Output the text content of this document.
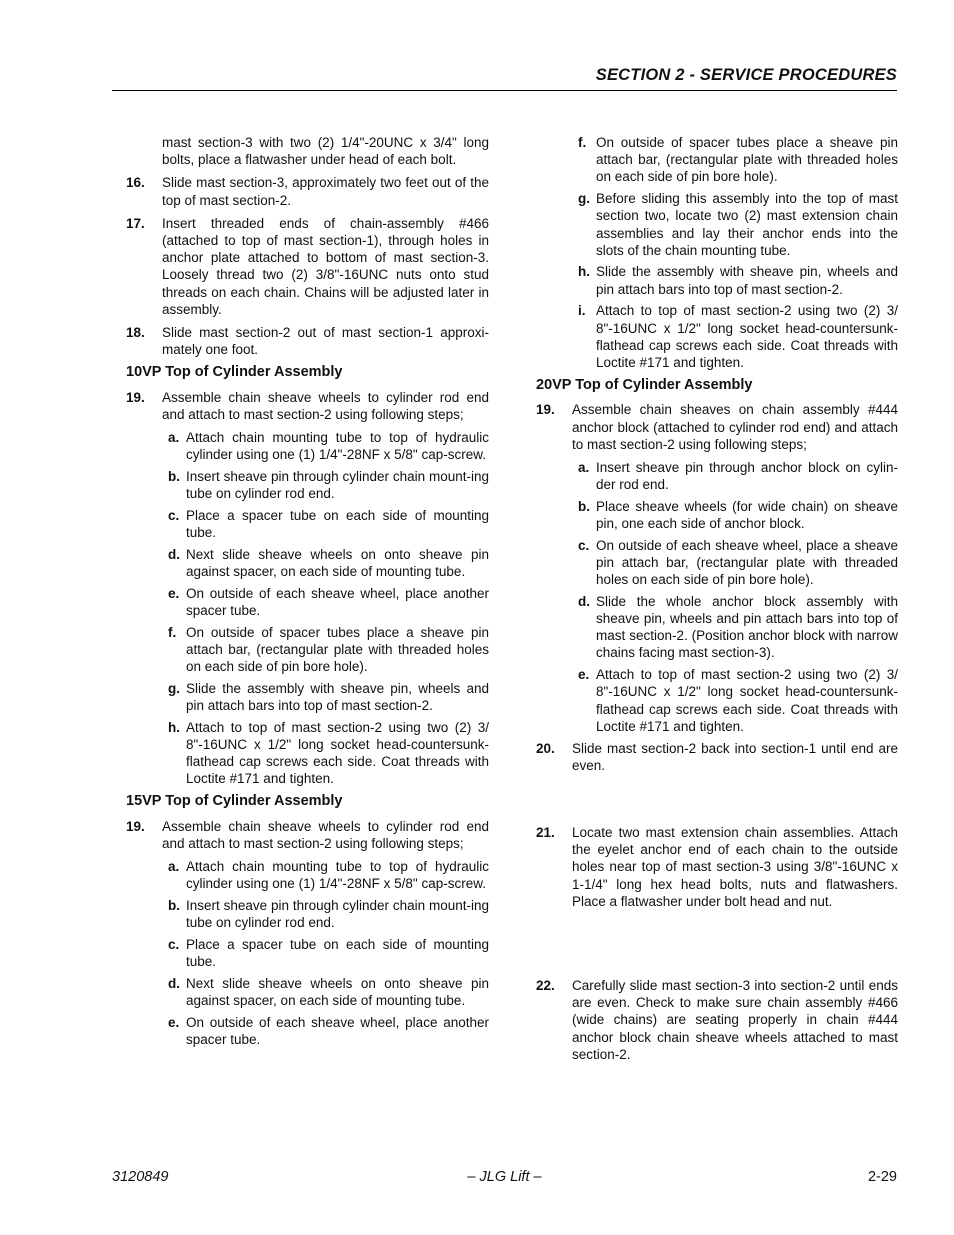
SECTION 2 - SERVICE PROCEDURES

mast section-3 with two (2) 1/4"-20UNC x 3/4" long bolts, place a flatwasher under head of each bolt.

16.	Slide mast section-3, approximately two feet out of the top of mast section-2.
17.	Insert threaded ends of chain-assembly #466 (attached to top of mast section-1), through holes in anchor plate attached to bottom of mast section-3. Loosely thread two (2) 3/8"-16UNC nuts onto stud threads on each chain. Chains will be adjusted later in assembly.
18.	Slide mast section-2 out of mast section-1 approxi-mately one foot.
10VP Top of Cylinder Assembly
19.	Assemble chain sheave wheels to cylinder rod end and attach to mast section-2 using following steps;
a. Attach chain mounting tube to top of hydraulic cylinder using one (1) 1/4"-28NF x 5/8" cap-screw.
b. Insert sheave pin through cylinder chain mount-ing tube on cylinder rod end.
c. Place a spacer tube on each side of mounting tube.
d. Next slide sheave wheels on onto sheave pin against spacer, on each side of mounting tube.
e. On outside of each sheave wheel, place another spacer tube.
f. On outside of spacer tubes place a sheave pin attach bar, (rectangular plate with threaded holes on each side of pin bore hole).
g. Slide the assembly with sheave pin, wheels and pin attach bars into top of mast section-2.
h. Attach to top of mast section-2 using two (2) 3/ 8"-16UNC x 1/2" long socket head-countersunk-flathead cap screws each side. Coat threads with Loctite #171 and tighten.
15VP Top of Cylinder Assembly
19.	Assemble chain sheave wheels to cylinder rod end and attach to mast section-2 using following steps;
a. Attach chain mounting tube to top of hydraulic cylinder using one (1) 1/4"-28NF x 5/8" cap-screw.
b. Insert sheave pin through cylinder chain mount-ing tube on cylinder rod end.
c. Place a spacer tube on each side of mounting tube.
d. Next slide sheave wheels on onto sheave pin against spacer, on each side of mounting tube.
e. On outside of each sheave wheel, place another spacer tube.
f. On outside of spacer tubes place a sheave pin attach bar, (rectangular plate with threaded holes on each side of pin bore hole).
g. Before sliding this assembly into the top of mast section two, locate two (2) mast extension chain assemblies and lay their anchor ends into the slots of the chain mounting tube.
h. Slide the assembly with sheave pin, wheels and pin attach bars into top of mast section-2.
i. Attach to top of mast section-2 using two (2) 3/ 8"-16UNC x 1/2" long socket head-countersunk-flathead cap screws each side. Coat threads with Loctite #171 and tighten.
20VP Top of Cylinder Assembly
19.	Assemble chain sheaves on chain assembly #444 anchor block (attached to cylinder rod end) and attach to mast section-2 using following steps;
a. Insert sheave pin through anchor block on cylin-der rod end.
b. Place sheave wheels (for wide chain) on sheave pin, one each side of anchor block.
c. On outside of each sheave wheel, place a sheave pin attach bar, (rectangular plate with threaded holes on each side of pin bore hole).
d. Slide the whole anchor block assembly with sheave pin, wheels and pin attach bars into top of mast section-2. (Position anchor block with narrow chains facing mast section-3).
e. Attach to top of mast section-2 using two (2) 3/ 8"-16UNC x 1/2" long socket head-countersunk-flathead cap screws each side. Coat threads with Loctite #171 and tighten.
20.	Slide mast section-2 back into section-1 until end are even.
21.	Locate two mast extension chain assemblies. Attach the eyelet anchor end of each chain to the outside holes near top of mast section-3 using 3/8"-16UNC x 1-1/4" long hex head bolts, nuts and flatwashers. Place a flatwasher under bolt head and nut.
22.	Carefully slide mast section-3 into section-2 until ends are even. Check to make sure chain assembly #466 (wide chains) are seating properly in chain #444 anchor block chain sheave wheels attached to mast section-2.
3120849	– JLG Lift –	2-29
